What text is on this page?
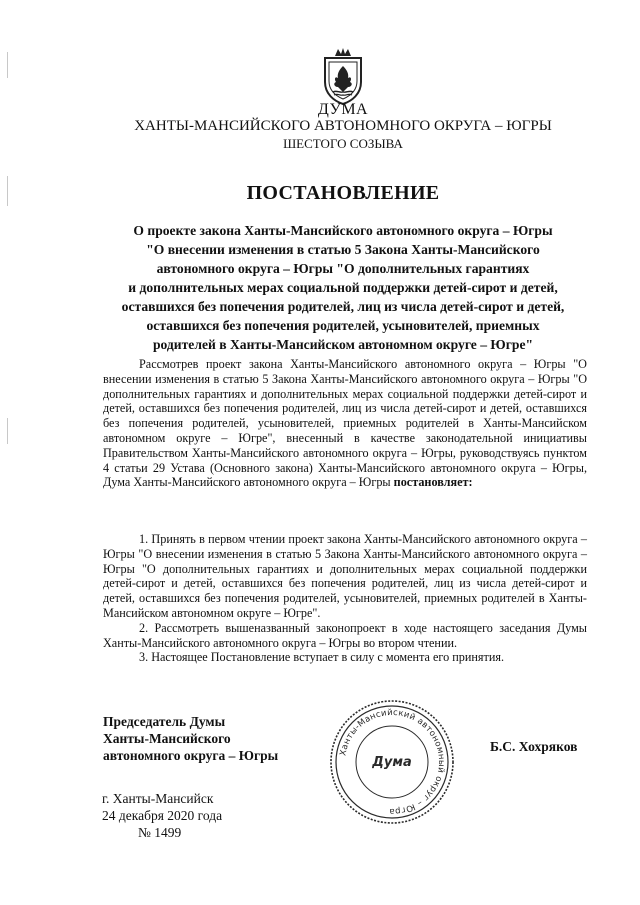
ДУМА
ХАНТЫ-МАНСИЙСКОГО АВТОНОМНОГО ОКРУГА – ЮГРЫ
ШЕСТОГО СОЗЫВА
ПОСТАНОВЛЕНИЕ
О проекте закона Ханты-Мансийского автономного округа – Югры
"О внесении изменения в статью 5 Закона Ханты-Мансийского
автономного округа – Югры "О дополнительных гарантиях
и дополнительных мерах социальной поддержки детей-сирот и детей,
оставшихся без попечения родителей, лиц из числа детей-сирот и детей,
оставшихся без попечения родителей, усыновителей, приемных
родителей в Ханты-Мансийском автономном округе – Югре"

Рассмотрев проект закона Ханты-Мансийского автономного округа – Югры "О внесении изменения в статью 5 Закона Ханты-Мансийского автономного округа – Югры "О дополнительных гарантиях и дополнительных мерах социальной поддержки детей-сирот и детей, оставшихся без попечения родителей, лиц из числа детей-сирот и детей, оставшихся без попечения родителей, усыновителей, приемных родителей в Ханты-Мансийском автономном округе – Югре", внесенный в качестве законодательной инициативы Правительством Ханты-Мансийского автономного округа – Югры, руководствуясь пунктом 4 статьи 29 Устава (Основного закона) Ханты-Мансийского автономного округа – Югры, Дума Ханты-Мансийского автономного округа – Югры постановляет:

1. Принять в первом чтении проект закона Ханты-Мансийского автономного округа – Югры "О внесении изменения в статью 5 Закона Ханты-Мансийского автономного округа – Югры "О дополнительных гарантиях и дополнительных мерах социальной поддержки детей-сирот и детей, оставшихся без попечения родителей, лиц из числа детей-сирот и детей, оставшихся без попечения родителей, усыновителей, приемных родителей в Ханты-Мансийском автономном округе – Югре".

2. Рассмотреть вышеназванный законопроект в ходе настоящего заседания Думы Ханты-Мансийского автономного округа – Югры во втором чтении.

3. Настоящее Постановление вступает в силу с момента его принятия.

Председатель Думы
Ханты-Мансийского
автономного округа – Югры	Ханты-Мансийский автономный округ – Югра
Дума
Б.С. Хохряков
г. Ханты-Мансийск
24 декабря 2020 года
№ 1499
